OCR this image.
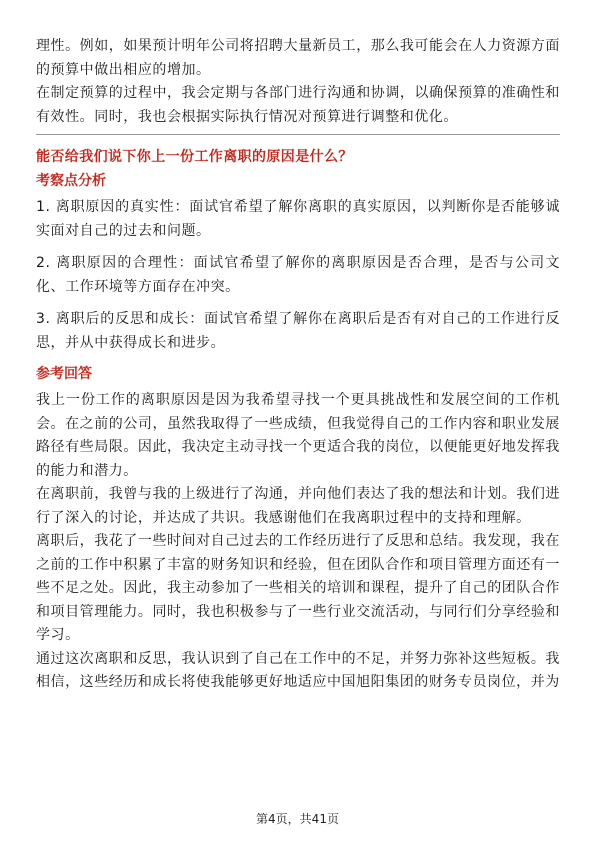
理性。例如，如果预计明年公司将招聘大量新员工，那么我可能会在人力资源方面的预算中做出相应的增加。

在制定预算的过程中，我会定期与各部门进行沟通和协调，以确保预算的准确性和有效性。同时，我也会根据实际执行情况对预算进行调整和优化。

能否给我们说下你上一份工作离职的原因是什么？

考察点分析

1. 离职原因的真实性：面试官希望了解你离职的真实原因，以判断你是否能够诚实面对自己的过去和问题。

2. 离职原因的合理性：面试官希望了解你的离职原因是否合理，是否与公司文化、工作环境等方面存在冲突。

3. 离职后的反思和成长：面试官希望了解你在离职后是否有对自己的工作进行反思，并从中获得成长和进步。

参考回答

我上一份工作的离职原因是因为我希望寻找一个更具挑战性和发展空间的工作机会。在之前的公司，虽然我取得了一些成绩，但我觉得自己的工作内容和职业发展路径有些局限。因此，我决定主动寻找一个更适合我的岗位，以便能更好地发挥我的能力和潜力。

在离职前，我曾与我的上级进行了沟通，并向他们表达了我的想法和计划。我们进行了深入的讨论，并达成了共识。我感谢他们在我离职过程中的支持和理解。

离职后，我花了一些时间对自己过去的工作经历进行了反思和总结。我发现，我在之前的工作中积累了丰富的财务知识和经验，但在团队合作和项目管理方面还有一些不足之处。因此，我主动参加了一些相关的培训和课程，提升了自己的团队合作和项目管理能力。同时，我也积极参与了一些行业交流活动，与同行们分享经验和学习。

通过这次离职和反思，我认识到了自己在工作中的不足，并努力弥补这些短板。我相信，这些经历和成长将使我能够更好地适应中国旭阳集团的财务专员岗位，并为

第4页，共41页
